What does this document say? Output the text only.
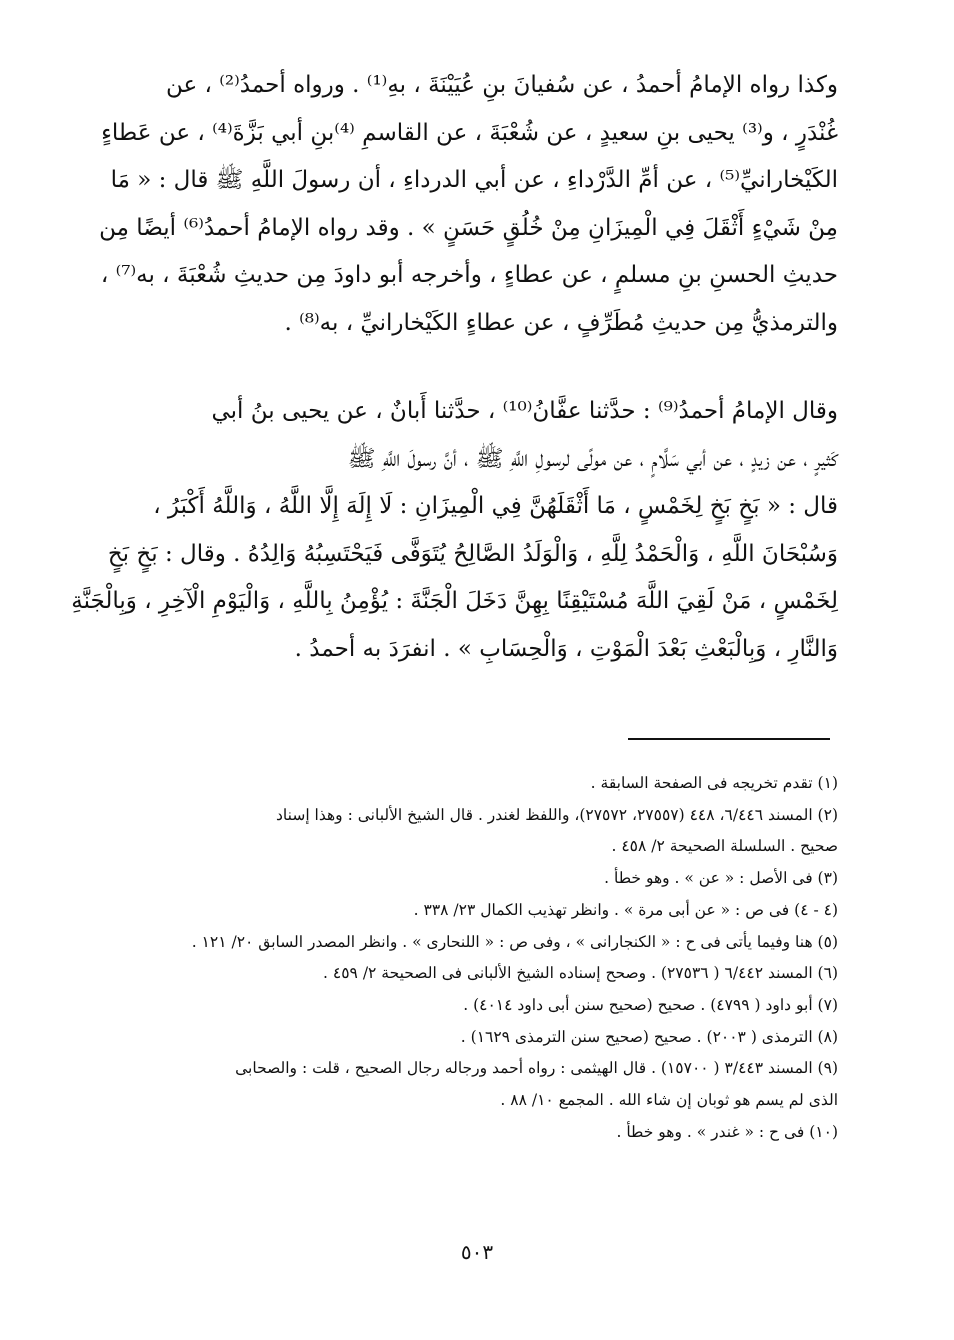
وكذا رواه الإمامُ أحمدُ ، عن سُفيانَ بنِ عُيَيْنَةَ ، بهِ⁽¹⁾ . ورواه أحمدُ⁽²⁾ ، عن
غُنْدَرٍ ، و⁽³⁾ يحيى بنِ سعيدٍ ، عن شُعْبَةَ ، عن القاسمِ ⁽⁴⁾بنِ أبي بَزَّةَ⁽⁴⁾ ، عن عَطاءٍ
الكَيْخارانيِّ⁽⁵⁾ ، عن أمِّ الدَّرْداءِ ، عن أبي الدرداءِ ، أن رسولَ اللَّهِ ﷺ قال : « مَا
مِنْ شَيْءٍ أَثْقَلَ فِي الْمِيزَانِ مِنْ خُلُقٍ حَسَنٍ » . وقد رواه الإمامُ أحمدُ⁽⁶⁾ أيضًا مِن
حديثِ الحسنِ بنِ مسلمٍ ، عن عطاءٍ ، وأخرجه أبو داودَ مِن حديثِ شُعْبَةَ ، به⁽⁷⁾ ،
والترمذيُّ مِن حديثِ مُطَرِّفٍ ، عن عطاءٍ الكَيْخارانيِّ ، به⁽⁸⁾ .
وقال الإمامُ أحمدُ⁽⁹⁾ : حدَّثنا عفَّانُ⁽¹⁰⁾ ، حدَّثنا أَبانٌ ، عن يحيى بنُ أبي
كَثيرٍ ، عن زيدٍ ، عن أبي سَلَّامٍ ، عن مولًى لرسولِ اللَّهِ ﷺ ، أنَّ رسولَ اللَّهِ ﷺ
قال : « بَخٍ بَخٍ لِخَمْسٍ ، مَا أَثْقَلَهُنَّ فِي الْمِيزَانِ : لَا إِلَهَ إِلَّا اللَّهُ ، وَاللَّهُ أَكْبَرُ ،
وَسُبْحَانَ اللَّهِ ، وَالْحَمْدُ لِلَّهِ ، وَالْوَلَدُ الصَّالِحُ يُتَوَفَّى فَيَحْتَسِبُهُ وَالِدُهُ . وقال : بَخٍ بَخٍ
لِخَمْسٍ ، مَنْ لَقِيَ اللَّهَ مُسْتَيْقِنًا بِهِنَّ دَخَلَ الْجَنَّةَ : يُؤْمِنُ بِاللَّهِ ، وَالْيَوْمِ الْآخِرِ ، وَبِالْجَنَّةِ
وَالنَّارِ ، وَبِالْبَعْثِ بَعْدَ الْمَوْتِ ، وَالْحِسَابِ » . انفرَدَ به أحمدُ .
(١) تقدم تخريجه فى الصفحة السابقة .
(٢) المسند ٦/٤٤٦، ٤٤٨ (٢٧٥٥٧، ٢٧٥٧٢)، واللفظ لغندر . قال الشيخ الألبانى : وهذا إسناد
صحيح . السلسلة الصحيحة ٢/ ٤٥٨ .
(٣) فى الأصل : « عن » . وهو خطأ .
(٤ - ٤) فى ص : « عن أبى مرة » . وانظر تهذيب الكمال ٢٣/ ٣٣٨ .
(٥) هنا وفيما يأتى فى ح : « الكنجارانى » ، وفى ص : « اللنحارى » . وانظر المصدر السابق ٢٠/ ١٢١ .
(٦) المسند ٦/٤٤٢ ( ٢٧٥٣٦) . وصحح إسناده الشيخ الألبانى فى الصحيحة ٢/ ٤٥٩ .
(٧) أبو داود ( ٤٧٩٩) . صحيح (صحيح سنن أبى داود ٤٠١٤) .
(٨) الترمذى ( ٢٠٠٣) . صحيح (صحيح سنن الترمذى ١٦٢٩) .
(٩) المسند ٣/٤٤٣ ( ١٥٧٠٠) . قال الهيثمى : رواه أحمد ورجاله رجال الصحيح ، قلت : والصحابى
الذى لم يسم هو ثوبان إن شاء الله . المجمع ١٠/ ٨٨ .
(١٠) فى ح : « غندر » . وهو خطأ .
٥٠٣
